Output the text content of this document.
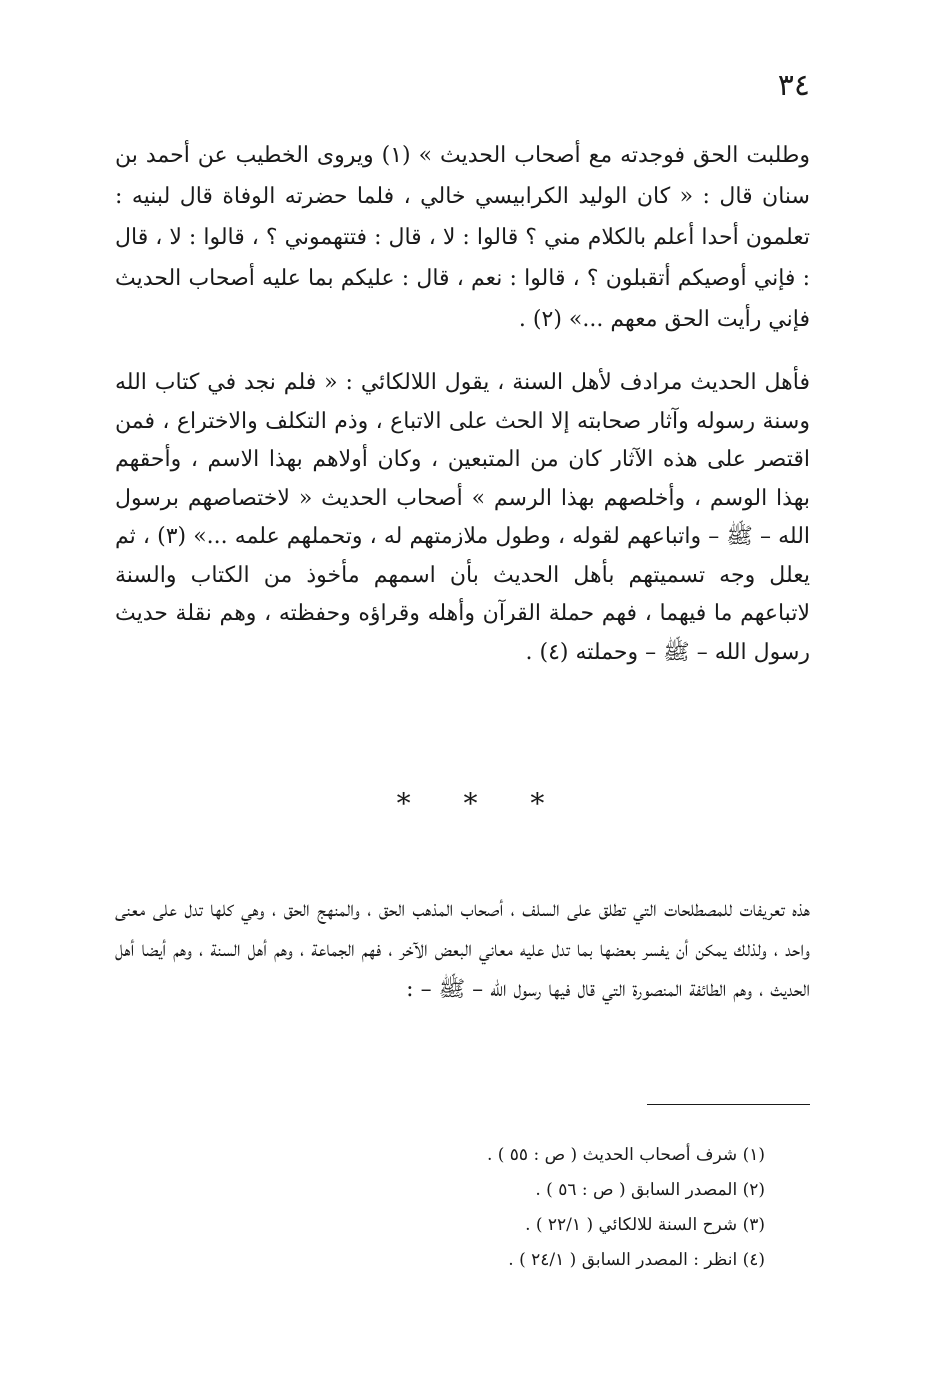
٣٤

وطلبت الحق فوجدته مع أصحاب الحديث » (١) ويروى الخطيب عن أحمد بن سنان قال : « كان الوليد الكرابيسي خالي ، فلما حضرته الوفاة قال لبنيه : تعلمون أحدا أعلم بالكلام مني ؟ قالوا : لا ، قال : فتتهموني ؟ ، قالوا : لا ، قال : فإني أوصيكم أتقبلون ؟ ، قالوا : نعم ، قال : عليكم بما عليه أصحاب الحديث فإني رأيت الحق معهم ...» (٢) .

فأهل الحديث مرادف لأهل السنة ، يقول اللالكائي : « فلم نجد في كتاب الله وسنة رسوله وآثار صحابته إلا الحث على الاتباع ، وذم التكلف والاختراع ، فمن اقتصر على هذه الآثار كان من المتبعين ، وكان أولاهم بهذا الاسم ، وأحقهم بهذا الوسم ، وأخلصهم بهذا الرسم » أصحاب الحديث « لاختصاصهم برسول الله – ﷺ – واتباعهم لقوله ، وطول ملازمتهم له ، وتحملهم علمه ...» (٣) ، ثم يعلل وجه تسميتهم بأهل الحديث بأن اسمهم مأخوذ من الكتاب والسنة لاتباعهم ما فيهما ، فهم حملة القرآن وأهله وقراؤه وحفظته ، وهم نقلة حديث رسول الله – ﷺ – وحملته (٤) .

* * *

هذه تعريفات للمصطلحات التي تطلق على السلف ، أصحاب المذهب الحق ، والمنهج الحق ، وهي كلها تدل على معنى واحد ، ولذلك يمكن أن يفسر بعضها بما تدل عليه معاني البعض الآخر ، فهم الجماعة ، وهم أهل السنة ، وهم أيضا أهل الحديث ، وهم الطائفة المنصورة التي قال فيها رسول الله – ﷺ – :

(١) شرف أصحاب الحديث ( ص : ٥٥ ) .
(٢) المصدر السابق ( ص : ٥٦ ) .
(٣) شرح السنة للالكائي ( ٢٢/١ ) .
(٤) انظر : المصدر السابق ( ٢٤/١ ) .
